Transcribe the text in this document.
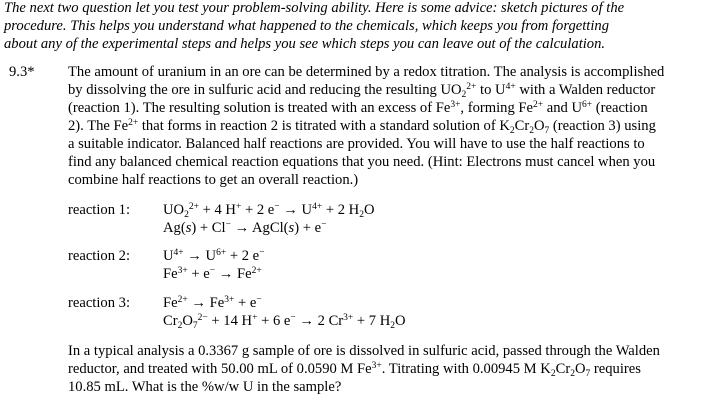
The next two question let you test your problem-solving ability. Here is some advice: sketch pictures of the
procedure. This helps you understand what happened to the chemicals, which keeps you from forgetting
about any of the experimental steps and helps you see which steps you can leave out of the calculation.
9.3* The amount of uranium in an ore can be determined by a redox titration. The analysis is accomplished
by dissolving the ore in sulfuric acid and reducing the resulting $UO_2^{2+}$ to $U^{4+}$ with a Walden reductor
(reaction 1). The resulting solution is treated with an excess of $Fe^{3+}$, forming $Fe^{2+}$ and $U^{6+}$ (reaction
2). The $Fe^{2+}$ that forms in reaction 2 is titrated with a standard solution of $K_2Cr_2O_7$ (reaction 3) using
a suitable indicator. Balanced half reactions are provided. You will have to use the half reactions to
find any balanced chemical reaction equations that you need. (Hint: Electrons must cancel when you
combine half reactions to get an overall reaction.)
reaction 1: $UO_2^{2+} + 4$ H+ + 2 $e^- \to U^{4+} + 2$ $H_2O$
Ag(s) + Cl− → AgCl(s) + e−
reaction 2: $U^{4+} \to U^{6+} + 2$ e−
$Fe^{3+} + e^- \to Fe^{2+}$
reaction 3: $Fe^{2+} \to Fe^{3+} + e^-$
$Cr_2O_7^{2-} + 14$ H+ + 6 e− → 2 $Cr^{3+} + 7$ $H_2O$
In a typical analysis a 0.3367 g sample of ore is dissolved in sulfuric acid, passed through the Walden
reductor, and treated with 50.00 mL of 0.0590 M $Fe^{3+}$. Titrating with 0.00945 M $K_2Cr_2O_7$ requires
10.85 mL. What is the %w/w U in the sample?
